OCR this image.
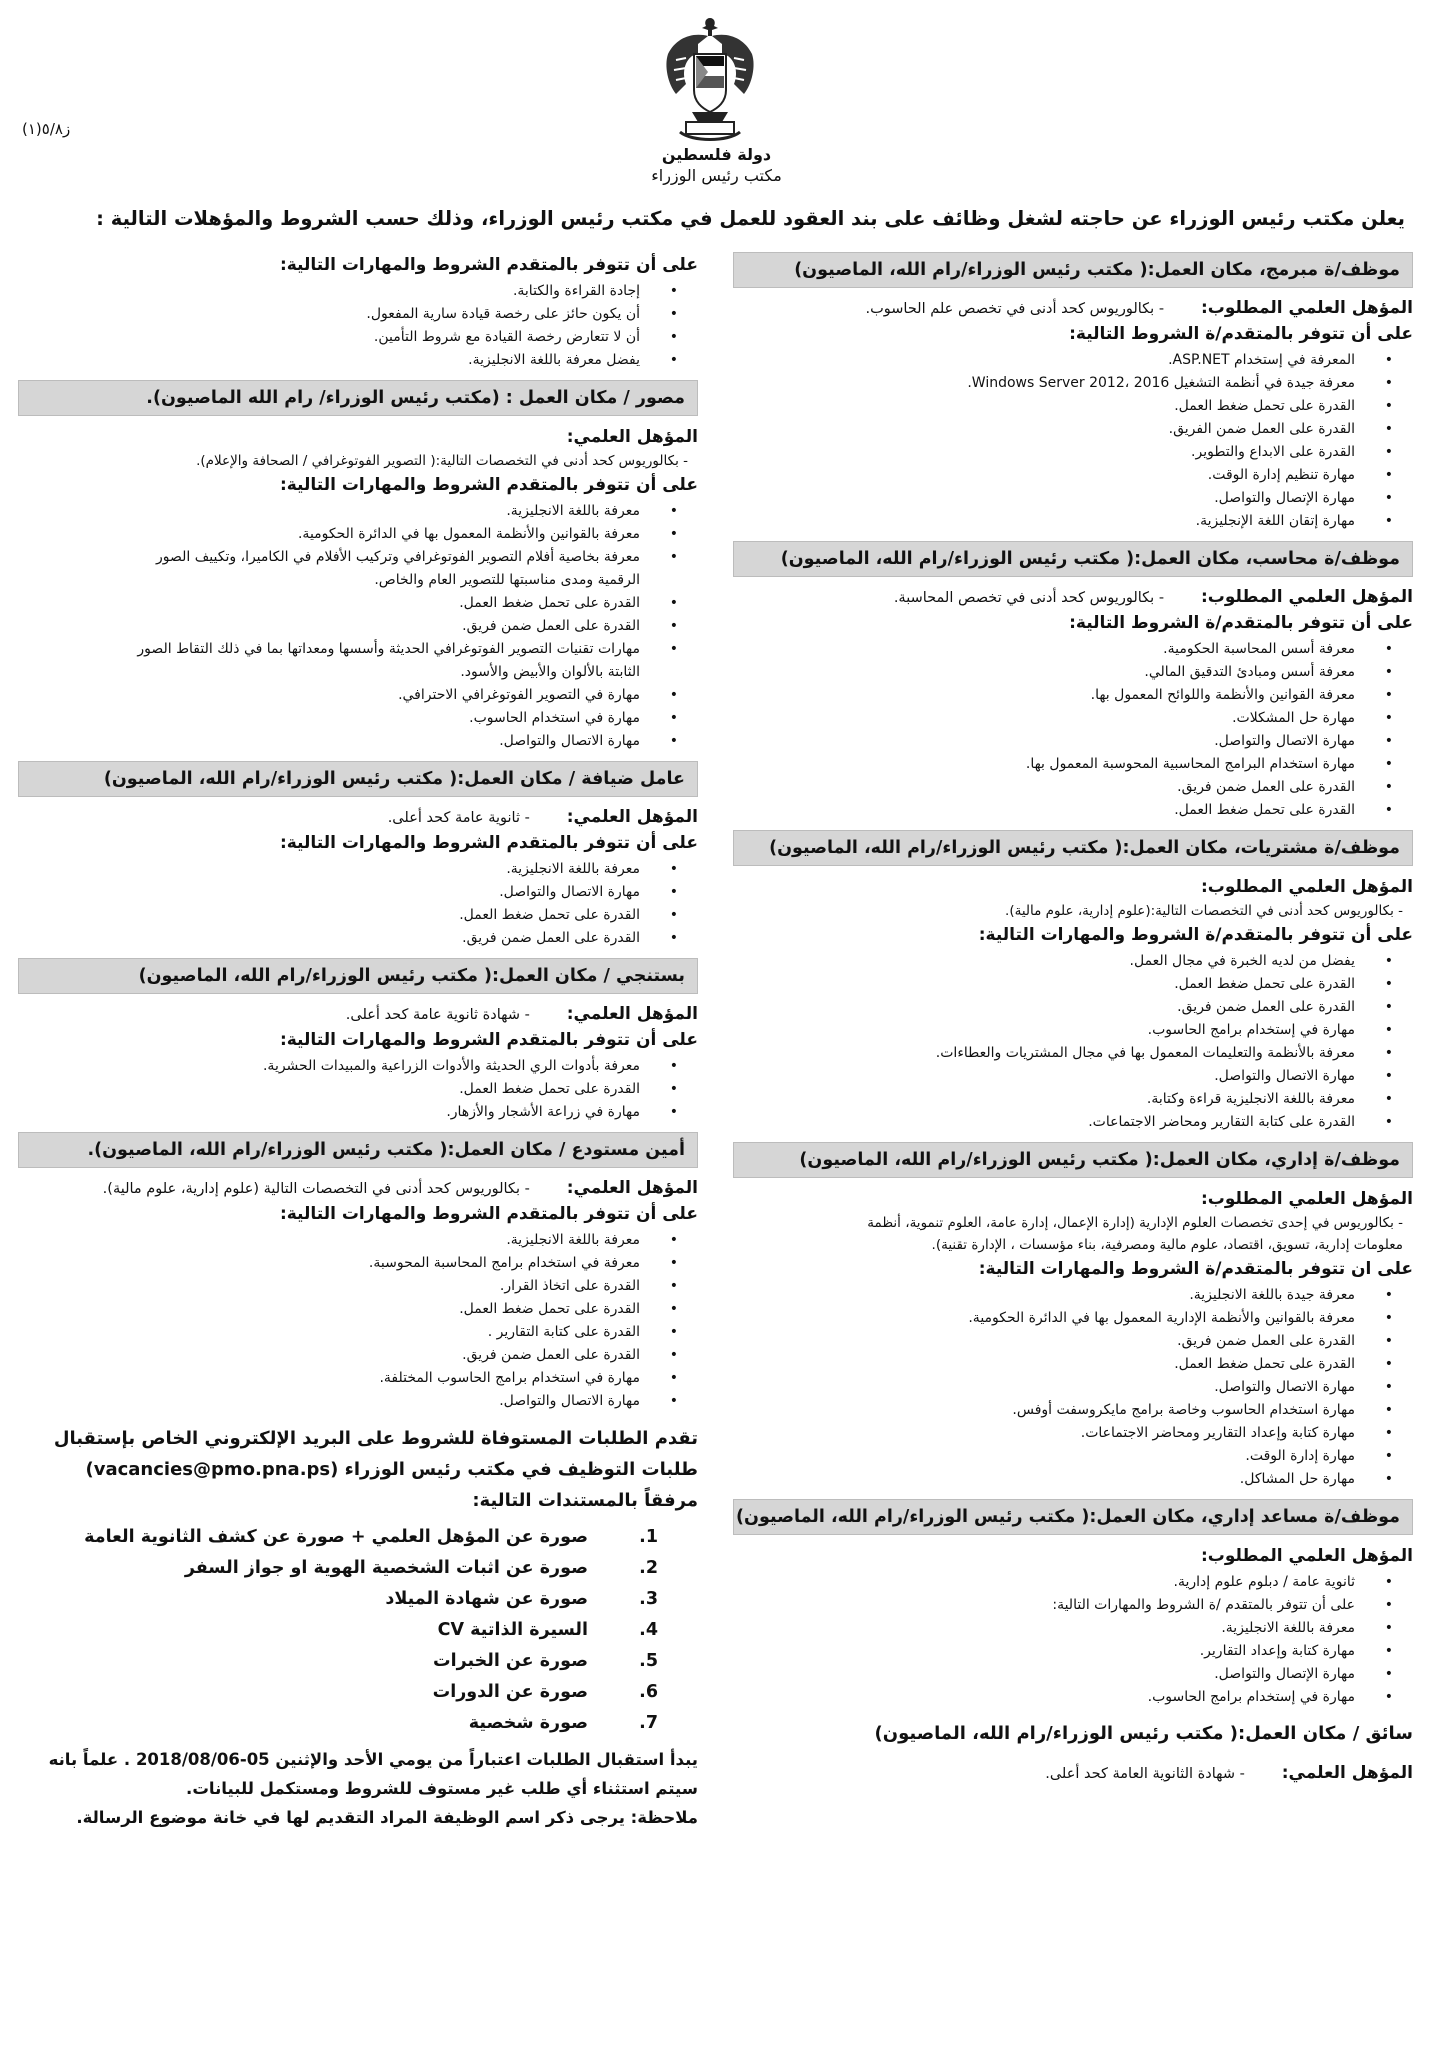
دولة فلسطين
مكتب رئيس الوزراء
ز٥/٨(١)
يعلن مكتب رئيس الوزراء عن حاجته لشغل وظائف على بند العقود للعمل في مكتب رئيس الوزراء، وذلك حسب الشروط والمؤهلات التالية :
موظف/ة مبرمج، مكان العمل:( مكتب رئيس الوزراء/رام الله، الماصيون)
المؤهل العلمي المطلوب:        - بكالوريوس كحد أدنى في تخصص علم الحاسوب.
على أن تتوفر بالمتقدم/ة الشروط التالية:
• المعرفة في إستخدام ASP.NET.
• معرفة جيدة في أنظمة التشغيل Windows Server 2012، 2016.
• القدرة على تحمل ضغط العمل.
• القدرة على العمل ضمن الفريق.
• القدرة على الابداع والتطوير.
• مهارة تنظيم إدارة الوقت.
• مهارة الإتصال والتواصل.
• مهارة إتقان اللغة الإنجليزية.
موظف/ة محاسب، مكان العمل:( مكتب رئيس الوزراء/رام الله، الماصيون)
المؤهل العلمي المطلوب:        - بكالوريوس كحد أدنى في تخصص المحاسبة.
على أن تتوفر بالمتقدم/ة الشروط التالية:
• معرفة أسس المحاسبة الحكومية.
• معرفة أسس ومبادئ التدقيق المالي.
• معرفة القوانين والأنظمة واللوائح المعمول بها.
• مهارة حل المشكلات.
• مهارة الاتصال والتواصل.
• مهارة استخدام البرامج المحاسبية المحوسبة المعمول بها.
• القدرة على العمل ضمن فريق.
• القدرة على تحمل ضغط العمل.
موظف/ة مشتريات، مكان العمل:( مكتب رئيس الوزراء/رام الله، الماصيون)
المؤهل العلمي المطلوب:
- بكالوريوس كحد أدنى في التخصصات التالية:(علوم إدارية، علوم مالية).
على أن تتوفر بالمتقدم/ة الشروط والمهارات التالية:
• يفضل من لديه الخبرة في مجال العمل.
• القدرة على تحمل ضغط العمل.
• القدرة على العمل ضمن فريق.
• مهارة في إستخدام برامج الحاسوب.
• معرفة بالأنظمة والتعليمات المعمول بها في مجال المشتريات والعطاءات.
• مهارة الاتصال والتواصل.
• معرفة باللغة الانجليزية قراءة وكتابة.
• القدرة على كتابة التقارير ومحاضر الاجتماعات.
موظف/ة إداري، مكان العمل:( مكتب رئيس الوزراء/رام الله، الماصيون)
المؤهل العلمي المطلوب:
- بكالوريوس في إحدى تخصصات العلوم الإدارية (إدارة الإعمال، إدارة عامة، العلوم تنموية، أنظمة
معلومات إدارية، تسويق، اقتصاد، علوم مالية ومصرفية، بناء مؤسسات ، الإدارة تقنية).
على ان تتوفر بالمتقدم/ة الشروط والمهارات التالية:
• معرفة جيدة باللغة الانجليزية.
• معرفة بالقوانين والأنظمة الإدارية المعمول بها في الدائرة الحكومية.
• القدرة على العمل ضمن فريق.
• القدرة على تحمل ضغط العمل.
• مهارة الاتصال والتواصل.
• مهارة استخدام الحاسوب وخاصة برامج مايكروسفت أوفس.
• مهارة كتابة وإعداد التقارير ومحاضر الاجتماعات.
• مهارة إدارة الوقت.
• مهارة حل المشاكل.
موظف/ة مساعد إداري، مكان العمل:( مكتب رئيس الوزراء/رام الله، الماصيون)
المؤهل العلمي المطلوب:
• ثانوية عامة / دبلوم علوم إدارية.
• على أن تتوفر بالمتقدم /ة الشروط والمهارات التالية:
• معرفة باللغة الانجليزية.
• مهارة كتابة وإعداد التقارير.
• مهارة الإتصال والتواصل.
• مهارة في إستخدام برامج الحاسوب.
سائق / مكان العمل:( مكتب رئيس الوزراء/رام الله، الماصيون)
المؤهل العلمي:        - شهادة الثانوية العامة كحد أعلى.
على أن تتوفر بالمتقدم الشروط والمهارات التالية:
• إجادة القراءة والكتابة.
• أن يكون حائز على رخصة قيادة سارية المفعول.
• أن لا تتعارض رخصة القيادة مع شروط التأمين.
• يفضل معرفة باللغة الانجليزية.
مصور / مكان العمل : (مكتب رئيس الوزراء/ رام الله الماصيون).
المؤهل العلمي:
- بكالوريوس كحد أدنى في التخصصات التالية:( التصوير الفوتوغرافي / الصحافة والإعلام).
على أن تتوفر بالمتقدم الشروط والمهارات التالية:
• معرفة باللغة الانجليزية.
• معرفة بالقوانين والأنظمة المعمول بها في الدائرة الحكومية.
• معرفة بخاصية أفلام التصوير الفوتوغرافي وتركيب الأفلام في الكاميرا، وتكييف الصور
الرقمية ومدى مناسبتها للتصوير العام والخاص.
• القدرة على تحمل ضغط العمل.
• القدرة على العمل ضمن فريق.
• مهارات تقنيات التصوير الفوتوغرافي الحديثة وأسسها ومعداتها بما في ذلك التقاط الصور
الثابتة بالألوان والأبيض والأسود.
• مهارة في التصوير الفوتوغرافي الاحترافي.
• مهارة في استخدام الحاسوب.
• مهارة الاتصال والتواصل.
عامل ضيافة / مكان العمل:( مكتب رئيس الوزراء/رام الله، الماصيون)
المؤهل العلمي:        - ثانوية عامة كحد أعلى.
على أن تتوفر بالمتقدم الشروط والمهارات التالية:
• معرفة باللغة الانجليزية.
• مهارة الاتصال والتواصل.
• القدرة على تحمل ضغط العمل.
• القدرة على العمل ضمن فريق.
بستنجي / مكان العمل:( مكتب رئيس الوزراء/رام الله، الماصيون)
المؤهل العلمي:        - شهادة ثانوية عامة كحد أعلى.
على أن تتوفر بالمتقدم الشروط والمهارات التالية:
• معرفة بأدوات الري الحديثة والأدوات الزراعية والمبيدات الحشرية.
• القدرة على تحمل ضغط العمل.
• مهارة في زراعة الأشجار والأزهار.
أمين مستودع / مكان العمل:( مكتب رئيس الوزراء/رام الله، الماصيون).
المؤهل العلمي:        - بكالوريوس كحد أدنى في التخصصات التالية (علوم إدارية، علوم مالية).
على أن تتوفر بالمتقدم الشروط والمهارات التالية:
• معرفة باللغة الانجليزية.
• معرفة في استخدام برامج المحاسبة المحوسبة.
• القدرة على اتخاذ القرار.
• القدرة على تحمل ضغط العمل.
• القدرة على كتابة التقارير .
• القدرة على العمل ضمن فريق.
• مهارة في استخدام برامج الحاسوب المختلفة.
• مهارة الاتصال والتواصل.
تقدم الطلبات المستوفاة للشروط على البريد الإلكتروني الخاص بإستقبال
طلبات التوظيف في مكتب رئيس الوزراء (vacancies@pmo.pna.ps)
مرفقاً بالمستندات التالية:
1.
صورة عن المؤهل العلمي + صورة عن كشف الثانوية العامة
2.
صورة عن اثبات الشخصية الهوية او جواز السفر
3.
صورة عن شهادة الميلاد
4.
السيرة الذاتية CV
5.
صورة عن الخبرات
6.
صورة عن الدورات
7.
صورة شخصية
يبدأ استقبال الطلبات اعتباراً من يومي الأحد والإثنين 05-2018/08/06 . علماً بانه
سيتم استثناء أي طلب غير مستوف للشروط ومستكمل للبيانات.
ملاحظة: يرجى ذكر اسم الوظيفة المراد التقديم لها في خانة موضوع الرسالة.
